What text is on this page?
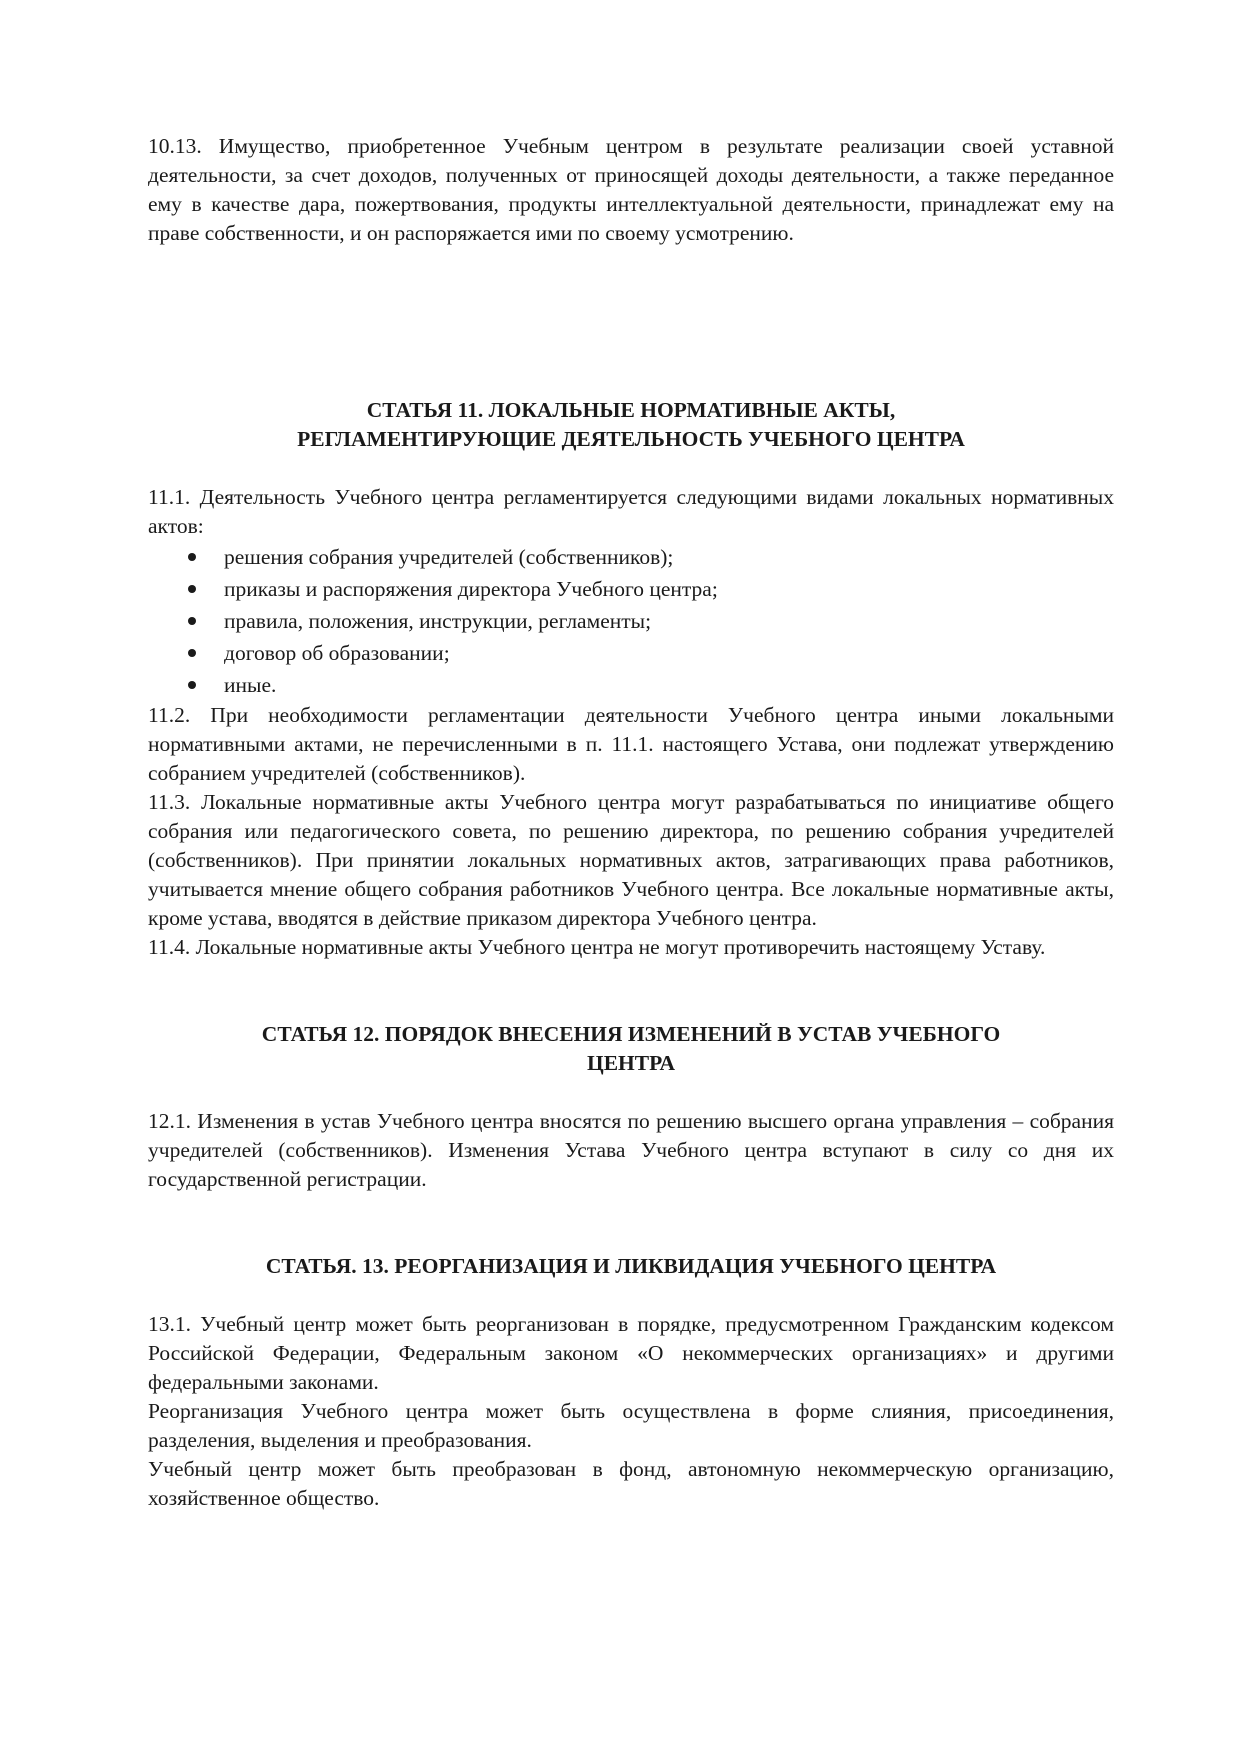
10.13. Имущество, приобретенное Учебным центром в результате реализации своей уставной деятельности, за счет доходов, полученных от приносящей доходы деятельности, а также переданное ему в качестве дара, пожертвования, продукты интеллектуальной деятельности, принадлежат ему на праве собственности, и он распоряжается ими по своему усмотрению.

СТАТЬЯ 11. ЛОКАЛЬНЫЕ НОРМАТИВНЫЕ АКТЫ,

РЕГЛАМЕНТИРУЮЩИЕ ДЕЯТЕЛЬНОСТЬ УЧЕБНОГО ЦЕНТРА

11.1. Деятельность Учебного центра регламентируется следующими видами локальных нормативных актов:

решения собрания учредителей (собственников);
приказы и распоряжения директора Учебного центра;
правила, положения, инструкции, регламенты;
договор об образовании;
иные.

11.2. При необходимости регламентации деятельности Учебного центра иными локальными нормативными актами, не перечисленными в п. 11.1. настоящего Устава, они подлежат утверждению собранием учредителей (собственников).

11.3. Локальные нормативные акты Учебного центра могут разрабатываться по инициативе общего собрания или педагогического совета, по решению директора, по решению собрания учредителей (собственников). При принятии локальных нормативных актов, затрагивающих права работников, учитывается мнение общего собрания работников Учебного центра. Все локальные нормативные акты, кроме устава, вводятся в действие приказом директора Учебного центра.

11.4. Локальные нормативные акты Учебного центра не могут противоречить настоящему Уставу.

СТАТЬЯ 12. ПОРЯДОК ВНЕСЕНИЯ ИЗМЕНЕНИЙ В УСТАВ УЧЕБНОГО

ЦЕНТРА

12.1. Изменения в устав Учебного центра вносятся по решению высшего органа управления – собрания учредителей (собственников). Изменения Устава Учебного центра вступают в силу со дня их государственной регистрации.

СТАТЬЯ. 13. РЕОРГАНИЗАЦИЯ И ЛИКВИДАЦИЯ УЧЕБНОГО ЦЕНТРА

13.1. Учебный центр может быть реорганизован в порядке, предусмотренном Гражданским кодексом Российской Федерации, Федеральным законом «О некоммерческих организациях» и другими федеральными законами.

Реорганизация Учебного центра может быть осуществлена в форме слияния, присоединения, разделения, выделения и преобразования.

Учебный центр может быть преобразован в фонд, автономную некоммерческую организацию, хозяйственное общество.
